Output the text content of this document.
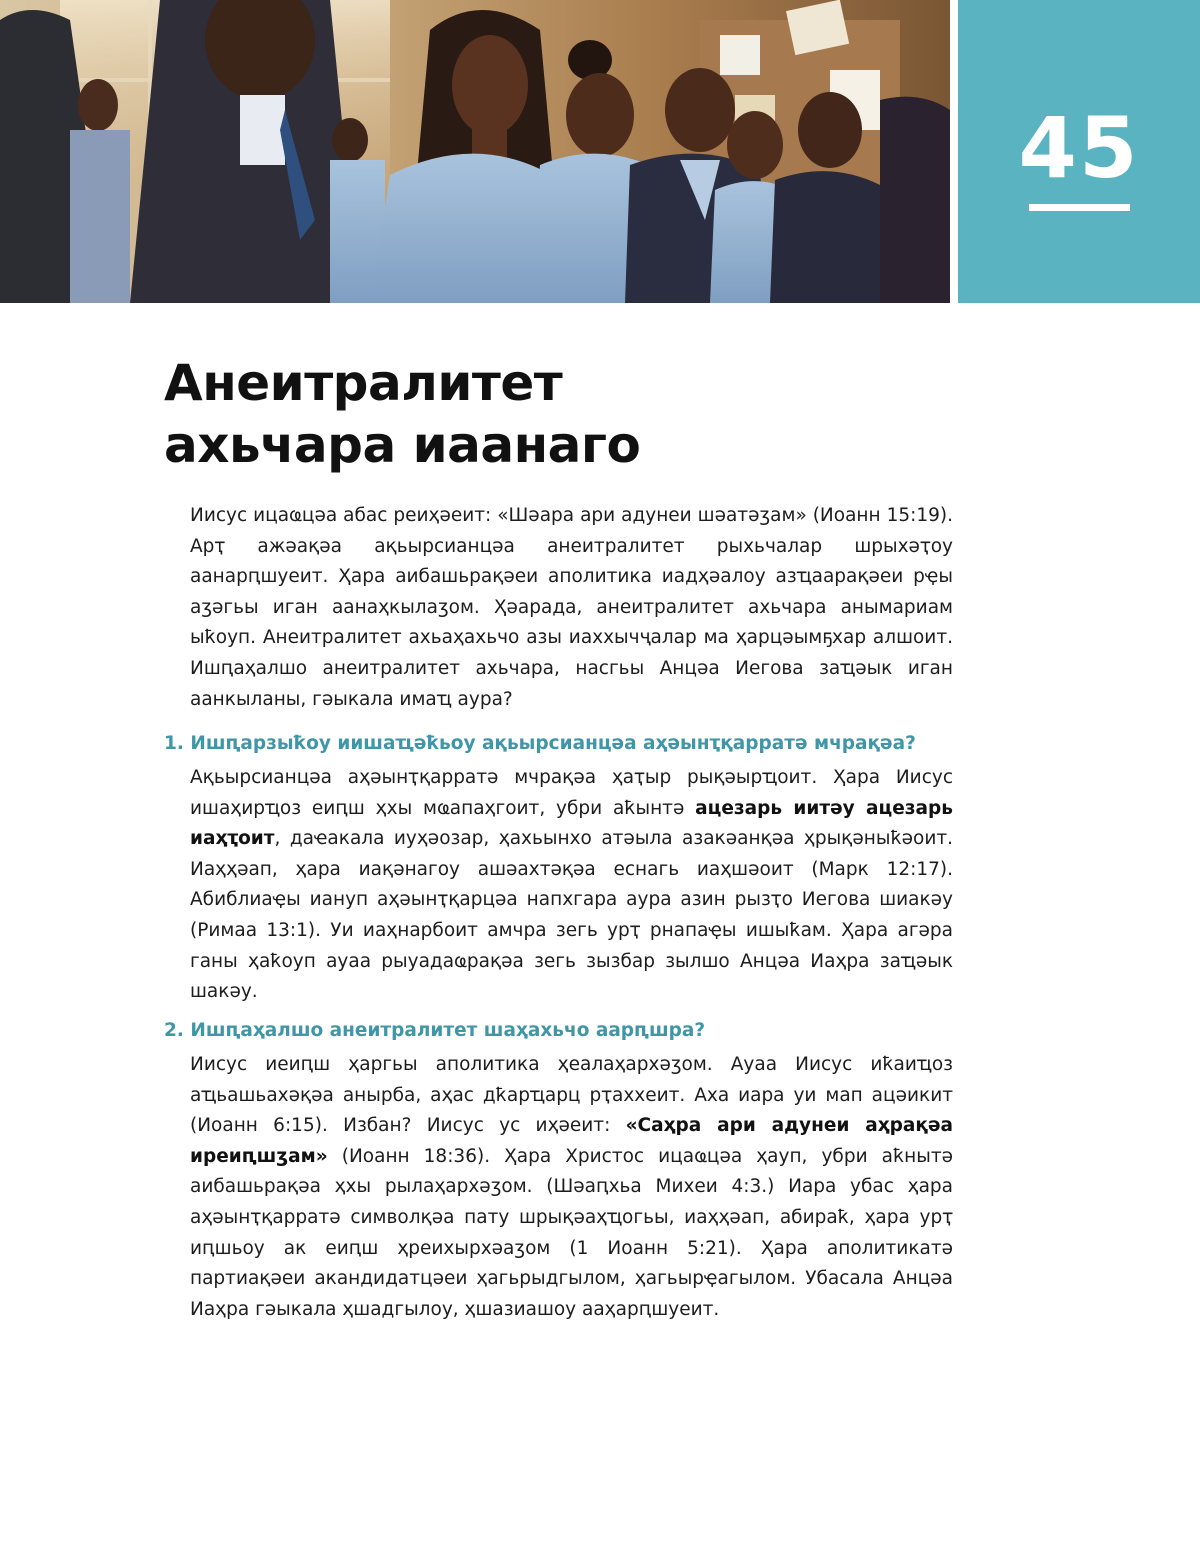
45
Анеитралитет
ахьчара иаанаго

Иисус ицаҩцәа абас реиҳәеит: «Шәара ари адунеи шәатәӡам» (Иоанн 15:19). Арҭ ажәақәа ақьырсианцәа анеитралитет рыхьчалар шрыхәҭоу аанарԥшуеит. Ҳара аибашьрақәеи аполитика иадҳәалоу азҵаарақәеи рҿы аӡәгьы иган аанаҳкылаӡом. Ҳәарада, анеитралитет ахьчара анымариам ыҟоуп. Анеитралитет ахьаҳахьчо азы иаххычҷалар ма ҳарцәымҕхар алшоит. Ишԥаҳалшо анеитралитет ахьчара, насгьы Анцәа Иегова заҵәык иган аанкыланы, гәыкала имаҵ аура?

1. Ишԥарзыҟоу иишаҵәҟьоу ақьырсианцәа аҳәынҭқарратә мчрақәа?

Ақьырсианцәа аҳәынҭқарратә мчрақәа ҳаҭыр рықәырҵоит. Ҳара Иисус ишаҳирҵоз еиԥш ҳхы мҩапаҳгоит, убри аҟынтә ацезарь иитәу ацезарь иаҳҭоит, даҽакала иуҳәозар, ҳахьынхо атәыла азакәанқәа ҳрықәныҟәоит. Иаҳҳәап, ҳара иақәнагоу ашәахтәқәа еснагь иаҳшәоит (Марк 12:17). Абиблиаҿы иануп аҳәынҭқарцәа напхгара аура азин рызҭо Иегова шиакәу (Римаа 13:1). Уи иаҳнарбоит амчра зегь урҭ рнапаҿы ишыҟам. Ҳара агәра ганы ҳаҟоуп ауаа рыуадаҩрақәа зегь зызбар зылшо Анцәа Иаҳра заҵәык шакәу.

2. Ишԥаҳалшо анеитралитет шаҳахьчо аарԥшра?

Иисус иеиԥш ҳаргьы аполитика ҳеалаҳархәӡом. Ауаа Иисус иҟаиҵоз аҵьашьахәқәа анырба, аҳас дҟарҵарц рҭаххеит. Аха иара уи мап ацәикит (Иоанн 6:15). Избан? Иисус ус иҳәеит: «Саҳра ари адунеи аҳрақәа иреиԥшӡам» (Иоанн 18:36). Ҳара Христос ицаҩцәа ҳауп, убри аҟнытә аибашьрақәа ҳхы рылаҳархәӡом. (Шәаԥхьа Михеи 4:3.) Иара убас ҳара аҳәынҭқарратә символқәа пату шрықәаҳҵогьы, иаҳҳәап, абираҟ, ҳара урҭ иԥшьоу ак еиԥш ҳреихырхәаӡом (1 Иоанн 5:21). Ҳара аполитикатә партиақәеи акандидатцәеи ҳагьрыдгылом, ҳагьырҿагылом. Убасала Анцәа Иаҳра гәыкала ҳшадгылоу, ҳшазиашоу ааҳарԥшуеит.
